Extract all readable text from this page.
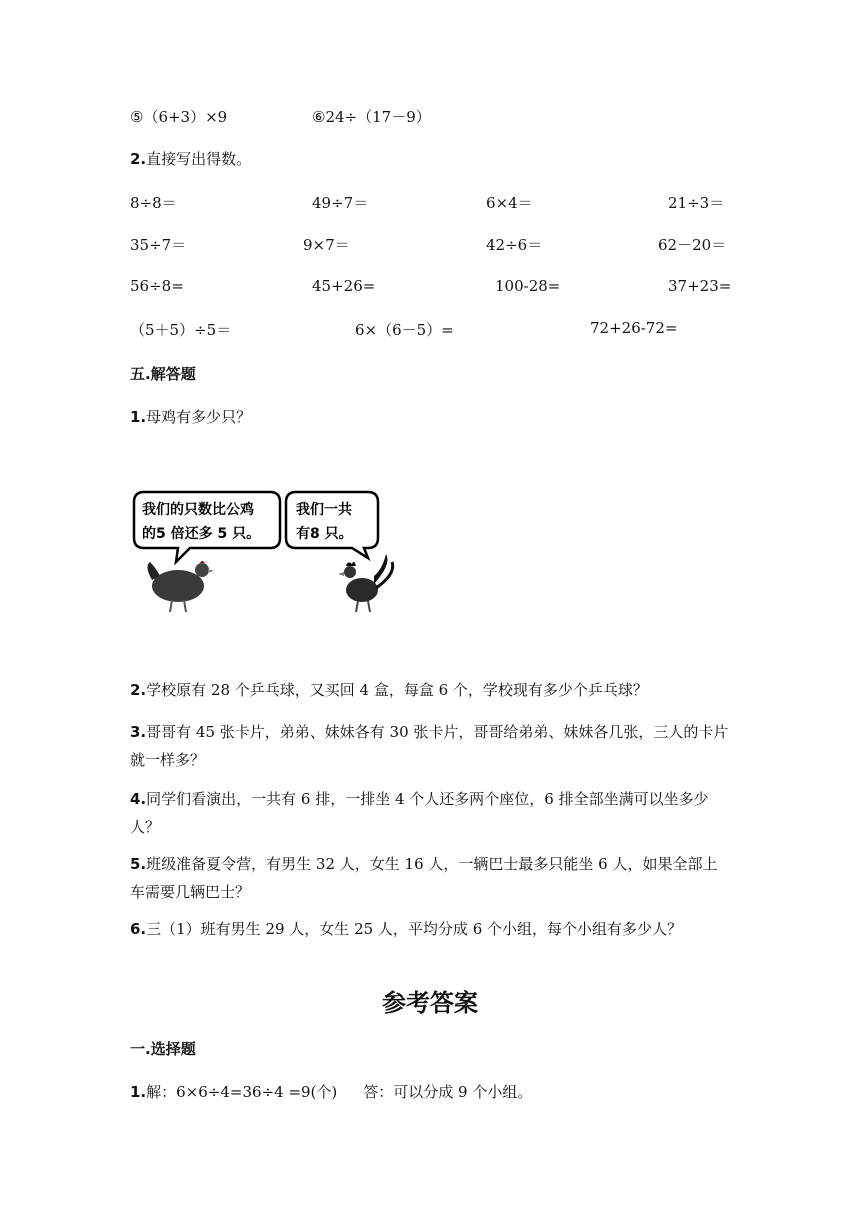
⑤（6+3）×9	⑥24÷（17－9）
2.直接写出得数。
8÷8＝	49÷7＝	6×4＝	21÷3＝
35÷7＝	9×7＝	42÷6＝	62－20＝
56÷8=	45+26=	100-28=	37+23=
（5＋5）÷5＝	6×（6－5）=	72+26-72=
五.解答题
1.母鸡有多少只？
我们的只数比公鸡
的5 倍还多 5 只。
我们一共
有8 只。
2.学校原有 28 个乒乓球，又买回 4 盒，每盒 6 个，学校现有多少个乒乓球？
3.哥哥有 45 张卡片，弟弟、妹妹各有 30 张卡片，哥哥给弟弟、妹妹各几张，三人的卡片就一样多？
4.同学们看演出，一共有 6 排，一排坐 4 个人还多两个座位，6 排全部坐满可以坐多少人？
5.班级准备夏令营，有男生 32 人，女生 16 人，一辆巴士最多只能坐 6 人，如果全部上车需要几辆巴士？
6.三（1）班有男生 29 人，女生 25 人，平均分成 6 个小组，每个小组有多少人？
参考答案
一.选择题
1.解：6×6÷4=36÷4 =9(个) 答：可以分成 9 个小组。
